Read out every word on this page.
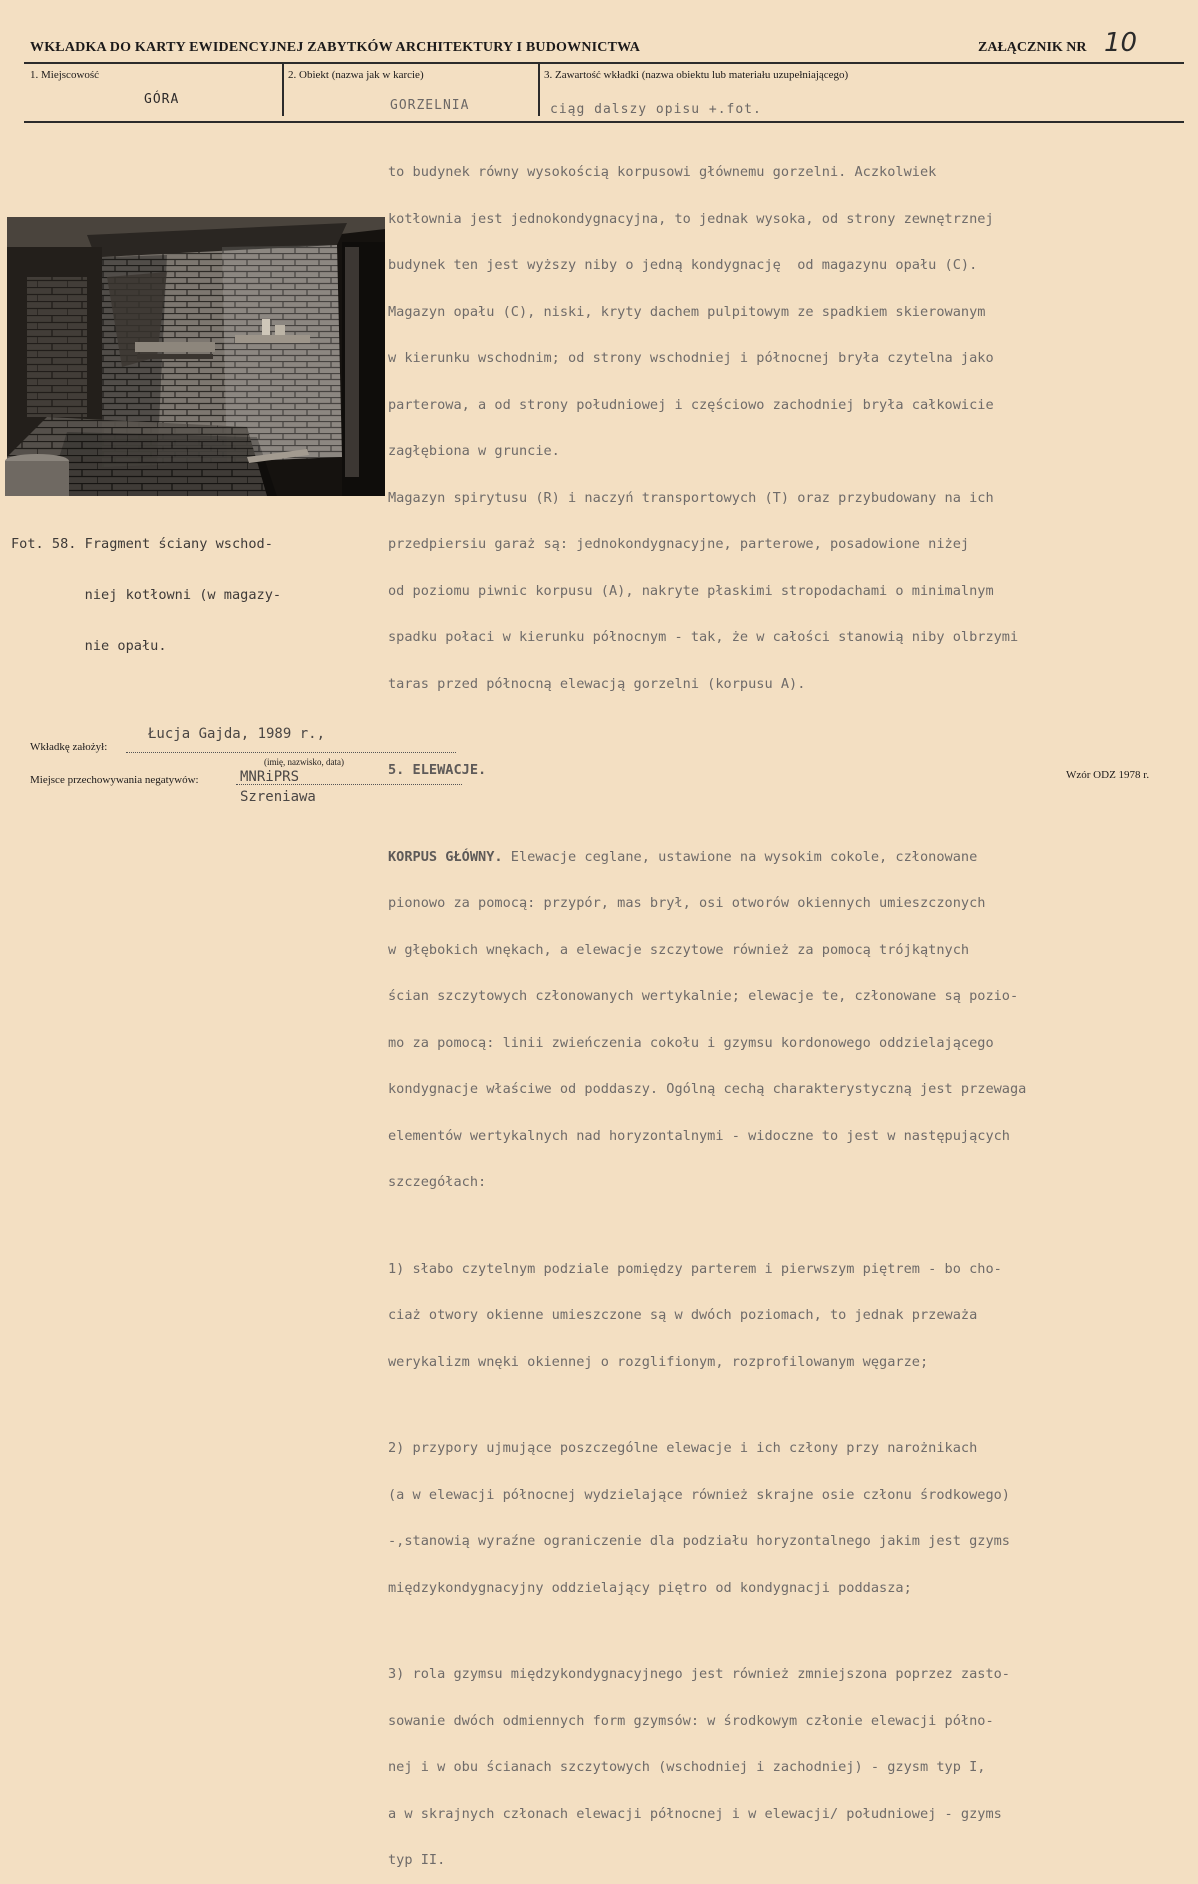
WKŁADKA DO KARTY EWIDENCYJNEJ ZABYTKÓW ARCHITEKTURY I BUDOWNICTWA	ZAŁĄCZNIK NR 10
1. Miejscowość
GÓRA
2. Obiekt (nazwa jak w karcie)
GORZELNIA
3. Zawartość wkładki (nazwa obiektu lub materiału uzupełniającego)
ciąg dalszy opisu +.fot.

Fot. 58. Fragment ściany wschod-

niej kotłowni (w magazy-

nie opału.

to budynek równy wysokością korpusowi głównemu gorzelni. Aczkolwiek

kotłownia jest jednokondygnacyjna, to jednak wysoka, od strony zewnętrznej

budynek ten jest wyższy niby o jedną kondygnację  od magazynu opału (C).

Magazyn opału (C), niski, kryty dachem pulpitowym ze spadkiem skierowanym

w kierunku wschodnim; od strony wschodniej i północnej bryła czytelna jako

parterowa, a od strony południowej i częściowo zachodniej bryła całkowicie

zagłębiona w gruncie.

Magazyn spirytusu (R) i naczyń transportowych (T) oraz przybudowany na ich

przedpiersiu garaż są: jednokondygnacyjne, parterowe, posadowione niżej

od poziomu piwnic korpusu (A), nakryte płaskimi stropodachami o minimalnym

spadku połaci w kierunku północnym - tak, że w całości stanowią niby olbrzymi

taras przed północną elewacją gorzelni (korpusu A).

5. ELEWACJE.

KORPUS GŁÓWNY. Elewacje ceglane, ustawione na wysokim cokole, członowane

pionowo za pomocą: przypór, mas brył, osi otworów okiennych umieszczonych

w głębokich wnękach, a elewacje szczytowe również za pomocą trójkątnych

ścian szczytowych członowanych wertykalnie; elewacje te, członowane są pozio-

mo za pomocą: linii zwieńczenia cokołu i gzymsu kordonowego oddzielającego

kondygnacje właściwe od poddaszy. Ogólną cechą charakterystyczną jest przewaga

elementów wertykalnych nad horyzontalnymi - widoczne to jest w następujących

szczegółach:

1) słabo czytelnym podziale pomiędzy parterem i pierwszym piętrem - bo cho-

ciaż otwory okienne umieszczone są w dwóch poziomach, to jednak przeważa

werykalizm wnęki okiennej o rozglifionym, rozprofilowanym węgarze;

2) przypory ujmujące poszczególne elewacje i ich człony przy narożnikach

(a w elewacji północnej wydzielające również skrajne osie członu środkowego)

-,stanowią wyraźne ograniczenie dla podziału horyzontalnego jakim jest gzyms

międzykondygnacyjny oddzielający piętro od kondygnacji poddasza;

3) rola gzymsu międzykondygnacyjnego jest również zmniejszona poprzez zasto-

sowanie dwóch odmiennych form gzymsów: w środkowym członie elewacji półno-

nej i w obu ścianach szczytowych (wschodniej i zachodniej) - gzysm typ I,

a w skrajnych członach elewacji północnej i w elewacji/ południowej - gzyms

typ II.

Łucja Gajda, 1989 r.,
Wkładkę założył:
(imię, nazwisko, data)
Miejsce przechowywania negatywów:	MNRiPRS
Szreniawa
Wzór ODZ 1978 r.
